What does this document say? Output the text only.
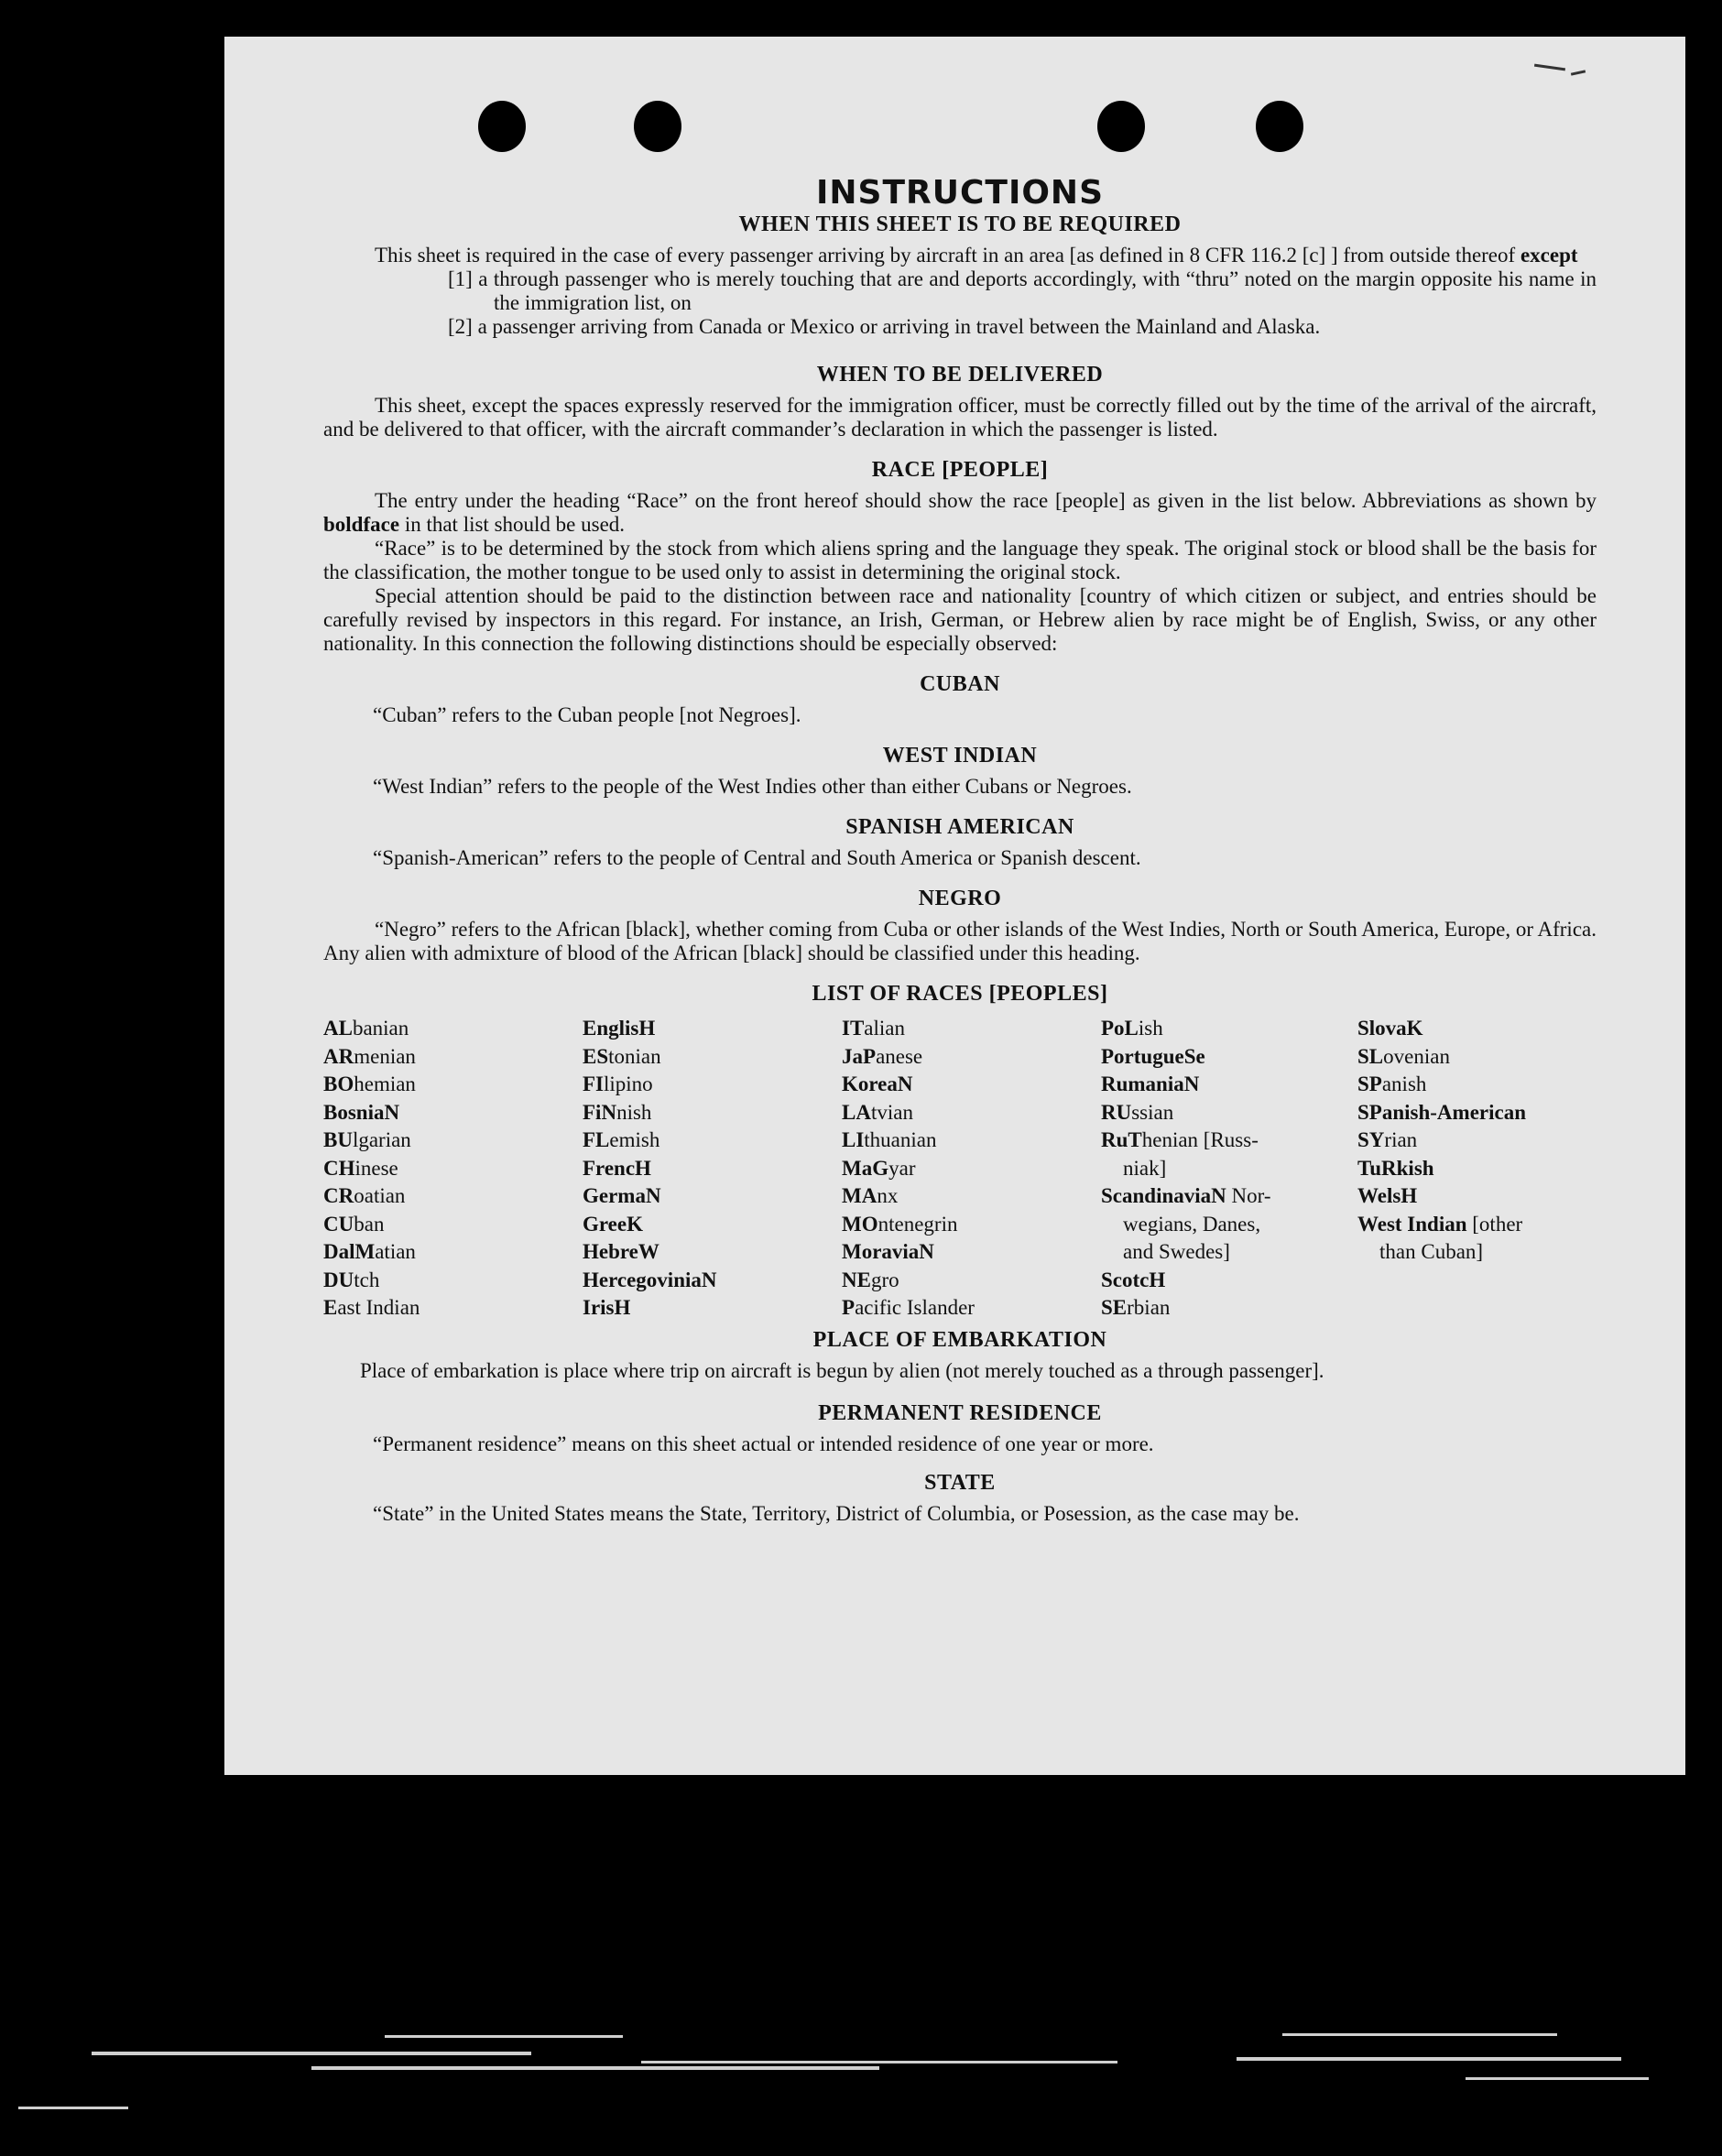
INSTRUCTIONS
WHEN THIS SHEET IS TO BE REQUIRED

This sheet is required in the case of every passenger arriving by aircraft in an area [as defined in 8 CFR 116.2 [c] ] from outside thereof except

[1] a through passenger who is merely touching that are and deports accordingly, with “thru” noted on the margin opposite his name in the immigration list, on

[2] a passenger arriving from Canada or Mexico or arriving in travel between the Mainland and Alaska.

WHEN TO BE DELIVERED

This sheet, except the spaces expressly reserved for the immigration officer, must be correctly filled out by the time of the arrival of the aircraft, and be delivered to that officer, with the aircraft commander’s declaration in which the passenger is listed.

RACE [PEOPLE]

The entry under the heading “Race” on the front hereof should show the race [people] as given in the list below. Abbreviations as shown by boldface in that list should be used.

“Race” is to be determined by the stock from which aliens spring and the language they speak. The original stock or blood shall be the basis for the classification, the mother tongue to be used only to assist in determining the original stock.

Special attention should be paid to the distinction between race and nationality [country of which citizen or subject, and entries should be carefully revised by inspectors in this regard. For instance, an Irish, German, or Hebrew alien by race might be of English, Swiss, or any other nationality. In this connection the following distinctions should be especially observed:

CUBAN

“Cuban” refers to the Cuban people [not Negroes].

WEST INDIAN

“West Indian” refers to the people of the West Indies other than either Cubans or Negroes.

SPANISH AMERICAN

“Spanish-American” refers to the people of Central and South America or Spanish descent.

NEGRO

“Negro” refers to the African [black], whether coming from Cuba or other islands of the West Indies, North or South America, Europe, or Africa. Any alien with admixture of blood of the African [black] should be classified under this heading.

LIST OF RACES [PEOPLES]
ALbanian
ARmenian
BOhemian
BosniaN
BUlgarian
CHinese
CRoatian
CUban
DalMatian
DUtch
East Indian
EnglisH
EStonian
FIlipino
FiNnish
FLemish
FrencH
GermaN
GreeK
HebreW
HercegoviniaN
IrisH
ITalian
JaPanese
KoreaN
LAtvian
LIthuanian
MaGyar
MAnx
MOntenegrin
MoraviaN
NEgro
Pacific Islander
PoLish
PortugueSe
RumaniaN
RUssian
RuThenian [Russ-
niak]
ScandinaviaN Nor-
wegians, Danes,
and Swedes]
ScotcH
SErbian
SlovaK
SLovenian
SPanish
SPanish-American
SYrian
TuRkish
WelsH
West Indian [other
than Cuban]
PLACE OF EMBARKATION

Place of embarkation is place where trip on aircraft is begun by alien (not merely touched as a through passenger].

PERMANENT RESIDENCE

“Permanent residence” means on this sheet actual or intended residence of one year or more.

STATE

“State” in the United States means the State, Territory, District of Columbia, or Posession, as the case may be.
